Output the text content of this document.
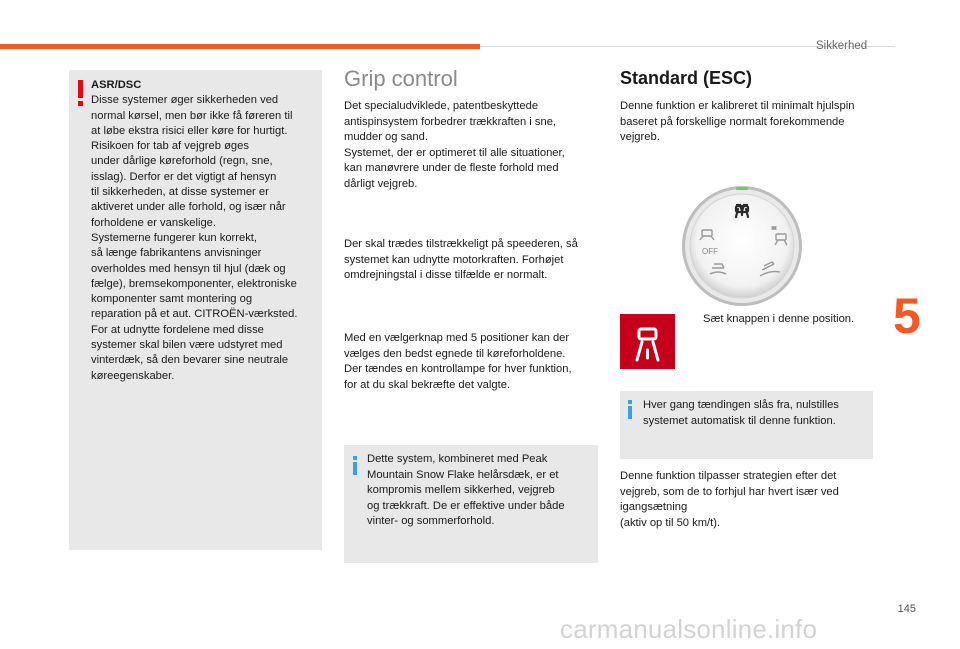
Sikkerhed
5
145
carmanualsonline.info
ASR/DSC
Disse systemer øger sikkerheden ved
normal kørsel, men bør ikke få føreren til
at løbe ekstra risici eller køre for hurtigt.
Risikoen for tab af vejgreb øges
under dårlige køreforhold (regn, sne,
isslag). Derfor er det vigtigt af hensyn
til sikkerheden, at disse systemer er
aktiveret under alle forhold, og især når
forholdene er vanskelige.
Systemerne fungerer kun korrekt,
så længe fabrikantens anvisninger
overholdes med hensyn til hjul (dæk og
fælge), bremsekomponenter, elektroniske
komponenter samt montering og
reparation på et aut. CITROËN-værksted.
For at udnytte fordelene med disse
systemer skal bilen være udstyret med
vinterdæk, så den bevarer sine neutrale
køreegenskaber.
Grip control
Det specialudviklede, patentbeskyttede
antispinsystem forbedrer trækkraften i sne,
mudder og sand.
Systemet, der er optimeret til alle situationer,
kan manøvrere under de fleste forhold med
dårligt vejgreb.
Der skal trædes tilstrækkeligt på speederen, så
systemet kan udnytte motorkraften. Forhøjet
omdrejningstal i disse tilfælde er normalt.
Med en vælgerknap med 5 positioner kan der
vælges den bedst egnede til køreforholdene.
Der tændes en kontrollampe for hver funktion,
for at du skal bekræfte det valgte.
Dette system, kombineret med Peak
Mountain Snow Flake helårsdæk, er et
kompromis mellem sikkerhed, vejgreb
og trækkraft. De er effektive under både
vinter- og sommerforhold.
Standard (ESC)
Denne funktion er kalibreret til minimalt hjulspin
baseret på forskellige normalt forekommende
vejgreb.
OFF
Sæt knappen i denne position.
Hver gang tændingen slås fra, nulstilles
systemet automatisk til denne funktion.
Denne funktion tilpasser strategien efter det
vejgreb, som de to forhjul har hvert især ved
igangsætning
(aktiv op til 50 km/t).
